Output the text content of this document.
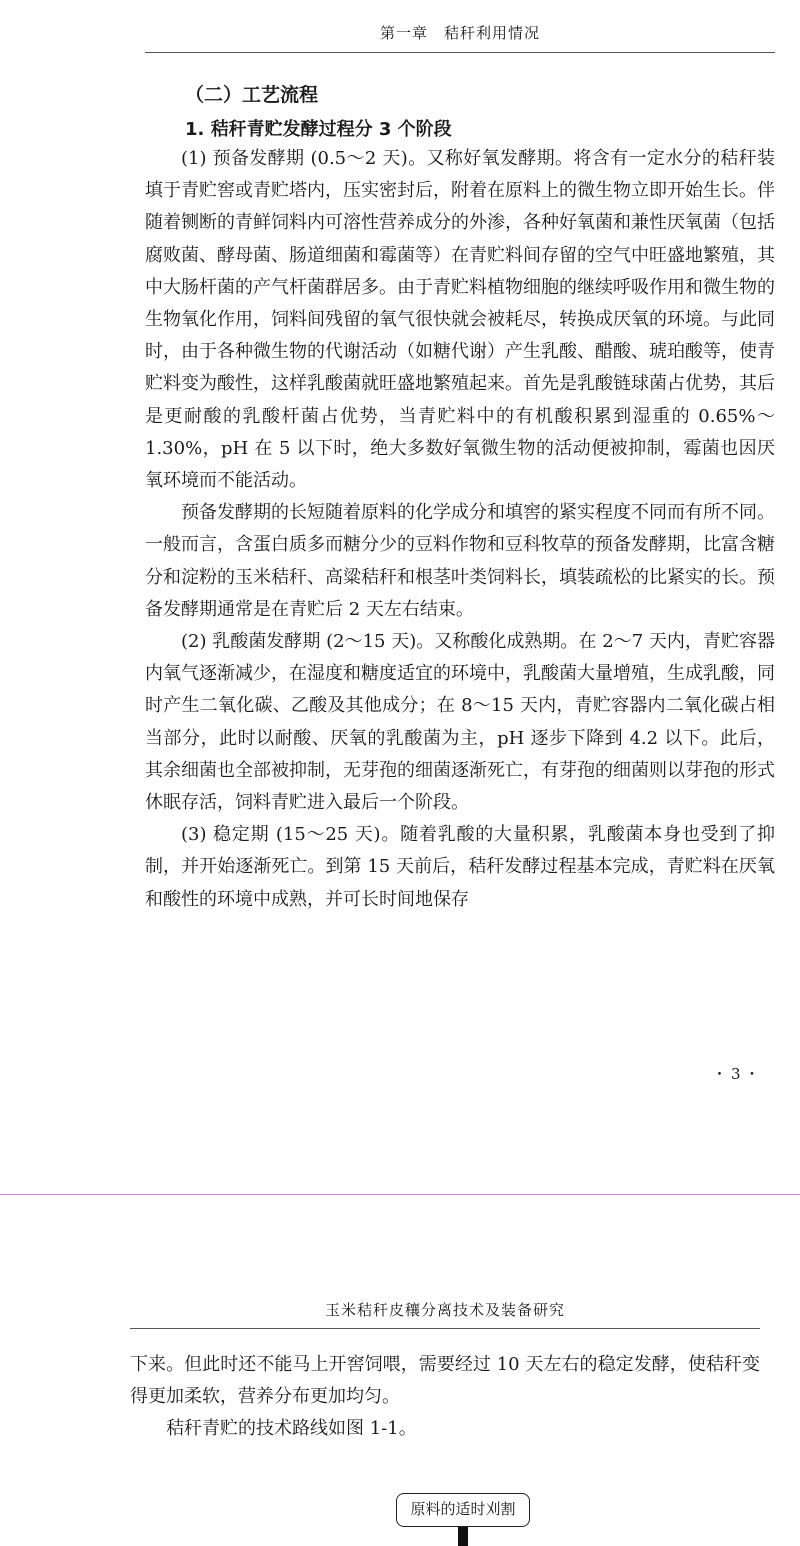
第一章　秸秆利用情况
（二）工艺流程
1. 秸秆青贮发酵过程分 3 个阶段

(1) 预备发酵期 (0.5～2 天)。又称好氧发酵期。将含有一定水分的秸秆装填于青贮窖或青贮塔内，压实密封后，附着在原料上的微生物立即开始生长。伴随着铡断的青鲜饲料内可溶性营养成分的外渗，各种好氧菌和兼性厌氧菌（包括腐败菌、酵母菌、肠道细菌和霉菌等）在青贮料间存留的空气中旺盛地繁殖，其中大肠杆菌的产气杆菌群居多。由于青贮料植物细胞的继续呼吸作用和微生物的生物氧化作用，饲料间残留的氧气很快就会被耗尽，转换成厌氧的环境。与此同时，由于各种微生物的代谢活动（如糖代谢）产生乳酸、醋酸、琥珀酸等，使青贮料变为酸性，这样乳酸菌就旺盛地繁殖起来。首先是乳酸链球菌占优势，其后是更耐酸的乳酸杆菌占优势，当青贮料中的有机酸积累到湿重的 0.65%～1.30%，pH 在 5 以下时，绝大多数好氧微生物的活动便被抑制，霉菌也因厌氧环境而不能活动。

预备发酵期的长短随着原料的化学成分和填窖的紧实程度不同而有所不同。一般而言，含蛋白质多而糖分少的豆料作物和豆科牧草的预备发酵期，比富含糖分和淀粉的玉米秸秆、高粱秸秆和根茎叶类饲料长，填装疏松的比紧实的长。预备发酵期通常是在青贮后 2 天左右结束。

(2) 乳酸菌发酵期 (2～15 天)。又称酸化成熟期。在 2～7 天内，青贮容器内氧气逐渐减少，在湿度和糖度适宜的环境中，乳酸菌大量增殖，生成乳酸，同时产生二氧化碳、乙酸及其他成分；在 8～15 天内，青贮容器内二氧化碳占相当部分，此时以耐酸、厌氧的乳酸菌为主，pH 逐步下降到 4.2 以下。此后，其余细菌也全部被抑制，无芽孢的细菌逐渐死亡，有芽孢的细菌则以芽孢的形式休眠存活，饲料青贮进入最后一个阶段。

(3) 稳定期 (15～25 天)。随着乳酸的大量积累，乳酸菌本身也受到了抑制，并开始逐渐死亡。到第 15 天前后，秸秆发酵过程基本完成，青贮料在厌氧和酸性的环境中成熟，并可长时间地保存

・3・
玉米秸秆皮穰分离技术及装备研究

下来。但此时还不能马上开窖饲喂，需要经过 10 天左右的稳定发酵，使秸秆变得更加柔软，营养分布更加均匀。

秸秆青贮的技术路线如图 1-1。

原料的适时刈割
